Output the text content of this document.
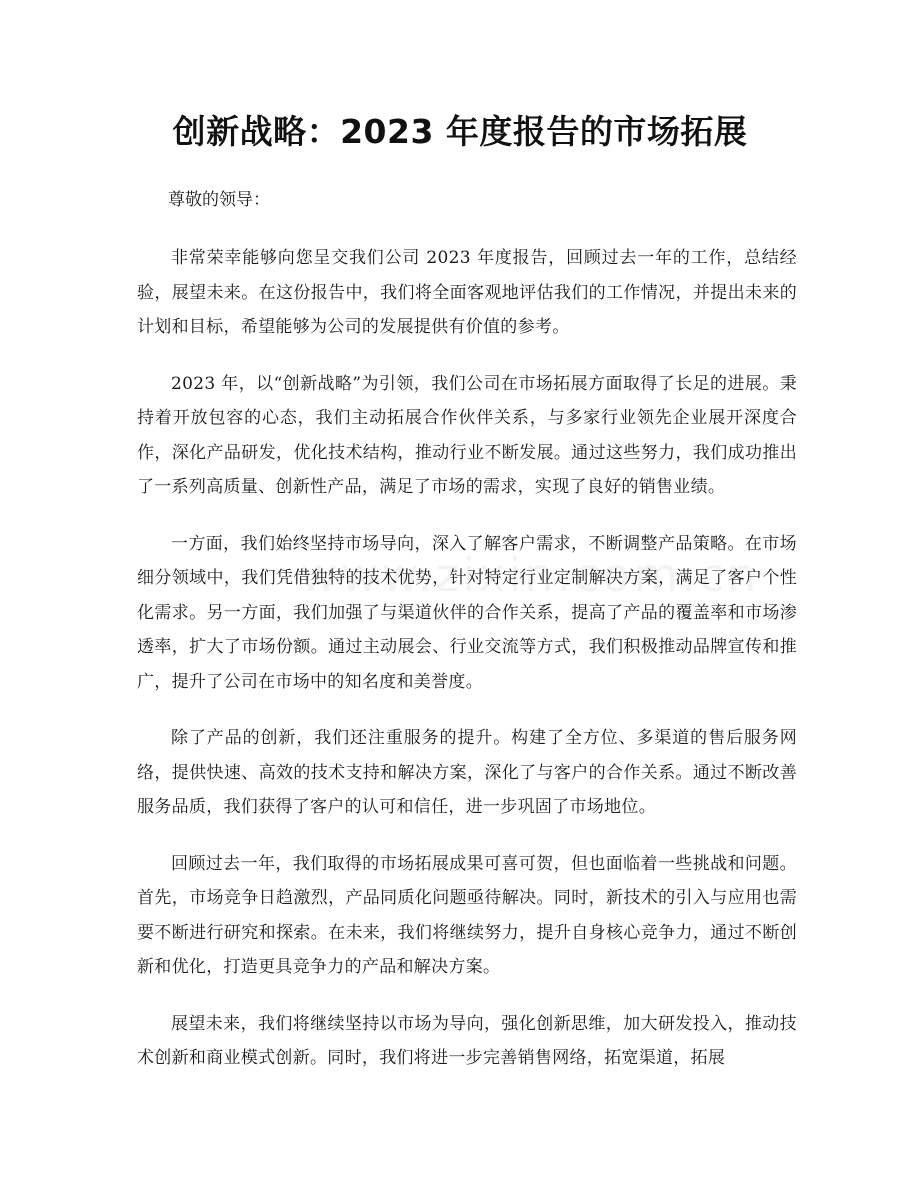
创新战略：2023 年度报告的市场拓展

尊敬的领导：

非常荣幸能够向您呈交我们公司 2023 年度报告，回顾过去一年的工作，总结经验，展望未来。在这份报告中，我们将全面客观地评估我们的工作情况，并提出未来的计划和目标，希望能够为公司的发展提供有价值的参考。

2023 年，以“创新战略”为引领，我们公司在市场拓展方面取得了长足的进展。秉持着开放包容的心态，我们主动拓展合作伙伴关系，与多家行业领先企业展开深度合作，深化产品研发，优化技术结构，推动行业不断发展。通过这些努力，我们成功推出了一系列高质量、创新性产品，满足了市场的需求，实现了良好的销售业绩。

一方面，我们始终坚持市场导向，深入了解客户需求，不断调整产品策略。在市场细分领域中，我们凭借独特的技术优势，针对特定行业定制解决方案，满足了客户个性化需求。另一方面，我们加强了与渠道伙伴的合作关系，提高了产品的覆盖率和市场渗透率，扩大了市场份额。通过主动展会、行业交流等方式，我们积极推动品牌宣传和推广，提升了公司在市场中的知名度和美誉度。

除了产品的创新，我们还注重服务的提升。构建了全方位、多渠道的售后服务网络，提供快速、高效的技术支持和解决方案，深化了与客户的合作关系。通过不断改善服务品质，我们获得了客户的认可和信任，进一步巩固了市场地位。

回顾过去一年，我们取得的市场拓展成果可喜可贺，但也面临着一些挑战和问题。首先，市场竞争日趋激烈，产品同质化问题亟待解决。同时，新技术的引入与应用也需要不断进行研究和探索。在未来，我们将继续努力，提升自身核心竞争力，通过不断创新和优化，打造更具竞争力的产品和解决方案。

展望未来，我们将继续坚持以市场为导向，强化创新思维，加大研发投入，推动技术创新和商业模式创新。同时，我们将进一步完善销售网络，拓宽渠道，拓展
